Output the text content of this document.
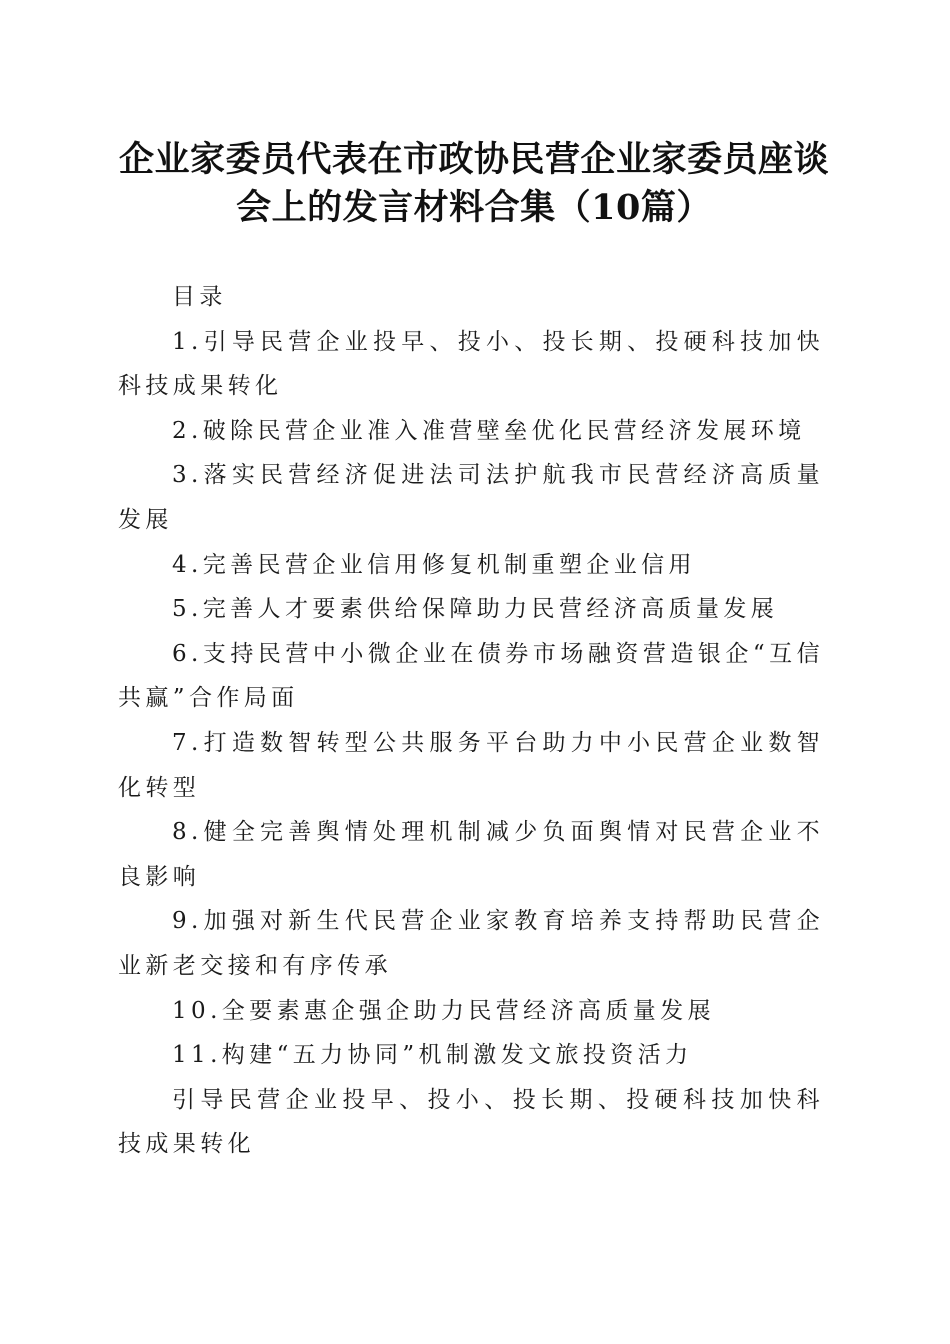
企业家委员代表在市政协民营企业家委员座谈
会上的发言材料合集（10篇）

目录

1.引导民营企业投早、投小、投长期、投硬科技加快科技成果转化

2.破除民营企业准入准营壁垒优化民营经济发展环境

3.落实民营经济促进法司法护航我市民营经济高质量发展

4.完善民营企业信用修复机制重塑企业信用

5.完善人才要素供给保障助力民营经济高质量发展

6.支持民营中小微企业在债券市场融资营造银企“互信共赢”合作局面

7.打造数智转型公共服务平台助力中小民营企业数智化转型

8.健全完善舆情处理机制减少负面舆情对民营企业不良影响

9.加强对新生代民营企业家教育培养支持帮助民营企业新老交接和有序传承

10.全要素惠企强企助力民营经济高质量发展

11.构建“五力协同”机制激发文旅投资活力

引导民营企业投早、投小、投长期、投硬科技加快科技成果转化
